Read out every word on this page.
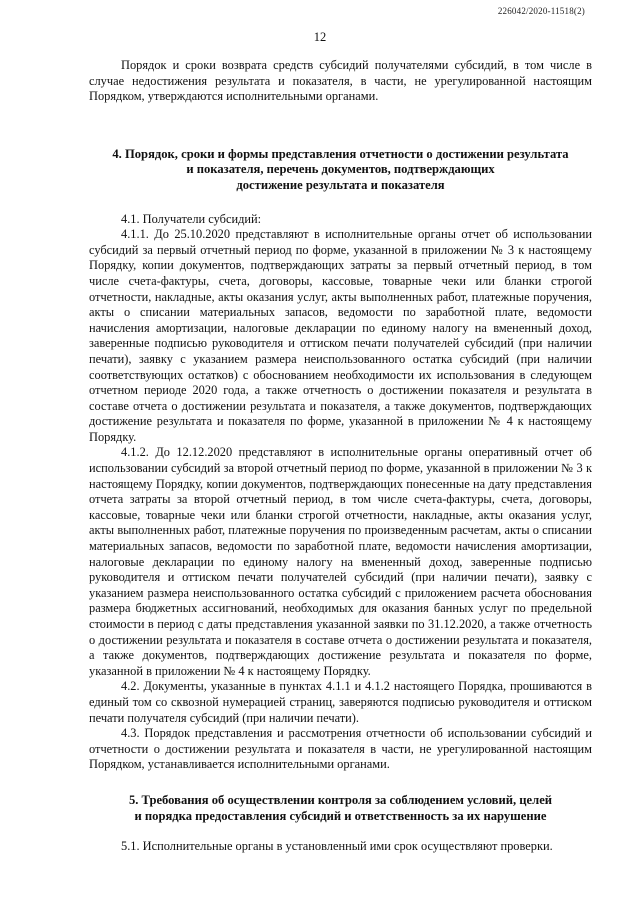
226042/2020-11518(2)
12

Порядок и сроки возврата средств субсидий получателями субсидий, в том числе в случае недостижения результата и показателя, в части, не урегулированной настоящим Порядком, утверждаются исполнительными органами.

4. Порядок, сроки и формы представления отчетности о достижении результата
и показателя, перечень документов, подтверждающих
достижение результата и показателя

4.1. Получатели субсидий:

4.1.1. До 25.10.2020 представляют в исполнительные органы отчет об использовании субсидий за первый отчетный период по форме, указанной в приложении № 3 к настоящему Порядку, копии документов, подтверждающих затраты за первый отчетный период, в том числе счета-фактуры, счета, договоры, кассовые, товарные чеки или бланки строгой отчетности, накладные, акты оказания услуг, акты выполненных работ, платежные поручения, акты о списании материальных запасов, ведомости по заработной плате, ведомости начисления амортизации, налоговые декларации по единому налогу на вмененный доход, заверенные подписью руководителя и оттиском печати получателей субсидий (при наличии печати), заявку с указанием размера неиспользованного остатка субсидий (при наличии соответствующих остатков) с обоснованием необходимости их использования в следующем отчетном периоде 2020 года, а также отчетность о достижении показателя и результата в составе отчета о достижении результата и показателя, а также документов, подтверждающих достижение результата и показателя по форме, указанной в приложении № 4 к настоящему Порядку.

4.1.2. До 12.12.2020 представляют в исполнительные органы оперативный отчет об использовании субсидий за второй отчетный период по форме, указанной в приложении № 3 к настоящему Порядку, копии документов, подтверждающих понесенные на дату представления отчета затраты за второй отчетный период, в том числе счета-фактуры, счета, договоры, кассовые, товарные чеки или бланки строгой отчетности, накладные, акты оказания услуг, акты выполненных работ, платежные поручения по произведенным расчетам, акты о списании материальных запасов, ведомости по заработной плате, ведомости начисления амортизации, налоговые декларации по единому налогу на вмененный доход, заверенные подписью руководителя и оттиском печати получателей субсидий (при наличии печати), заявку с указанием размера неиспользованного остатка субсидий с приложением расчета обоснования размера бюджетных ассигнований, необходимых для оказания банных услуг по предельной стоимости в период с даты представления указанной заявки по 31.12.2020, а также отчетность о достижении результата и показателя в составе отчета о достижении результата и показателя, а также документов, подтверждающих достижение результата и показателя по форме, указанной в приложении № 4 к настоящему Порядку.

4.2. Документы, указанные в пунктах 4.1.1 и 4.1.2 настоящего Порядка, прошиваются в единый том со сквозной нумерацией страниц, заверяются подписью руководителя и оттиском печати получателя субсидий (при наличии печати).

4.3. Порядок представления и рассмотрения отчетности об использовании субсидий и отчетности о достижении результата и показателя в части, не урегулированной настоящим Порядком, устанавливается исполнительными органами.

5. Требования об осуществлении контроля за соблюдением условий, целей
и порядка предоставления субсидий и ответственность за их нарушение

5.1. Исполнительные органы в установленный ими срок осуществляют проверки.
